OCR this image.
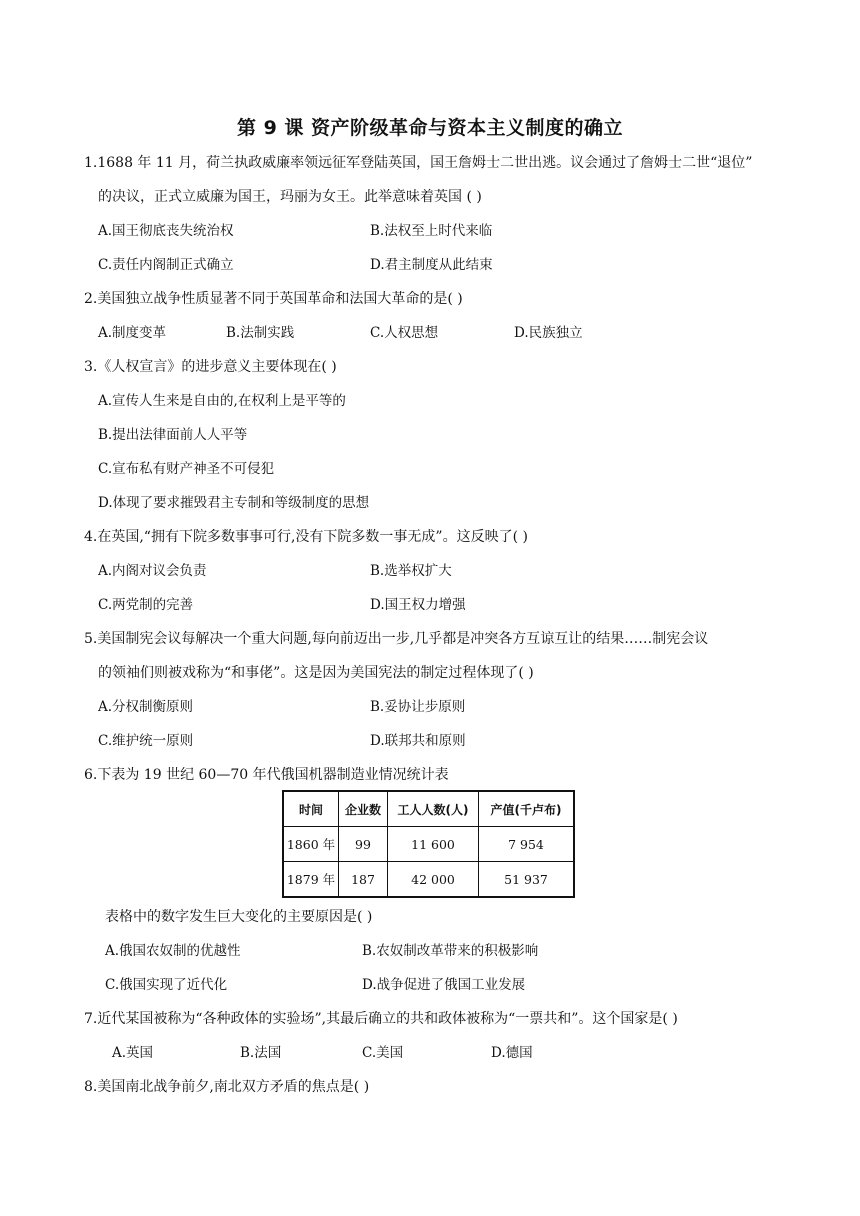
第 9 课 资产阶级革命与资本主义制度的确立
1.1688 年 11 月，荷兰执政威廉率领远征军登陆英国，国王詹姆士二世出逃。议会通过了詹姆士二世“退位”
的决议，正式立威廉为国王，玛丽为女王。此举意味着英国 ( )
A.国王彻底丧失统治权	B.法权至上时代来临
C.责任内阁制正式确立	D.君主制度从此结束
2.美国独立战争性质显著不同于英国革命和法国大革命的是( )
A.制度变革	B.法制实践	C.人权思想	D.民族独立
3.《人权宣言》的进步意义主要体现在( )
A.宣传人生来是自由的,在权利上是平等的
B.提出法律面前人人平等
C.宣布私有财产神圣不可侵犯
D.体现了要求摧毁君主专制和等级制度的思想
4.在英国,“拥有下院多数事事可行,没有下院多数一事无成”。这反映了( )
A.内阁对议会负责	B.选举权扩大
C.两党制的完善	D.国王权力增强
5.美国制宪会议每解决一个重大问题,每向前迈出一步,几乎都是冲突各方互谅互让的结果……制宪会议
的领袖们则被戏称为“和事佬”。这是因为美国宪法的制定过程体现了( )
A.分权制衡原则	B.妥协让步原则
C.维护统一原则	D.联邦共和原则
6.下表为 19 世纪 60—70 年代俄国机器制造业情况统计表
时间	企业数	工人人数(人)	产值(千卢布)
1860 年	99	11 600	7 954
1879 年	187	42 000	51 937
表格中的数字发生巨大变化的主要原因是( )
A.俄国农奴制的优越性	B.农奴制改革带来的积极影响
C.俄国实现了近代化	D.战争促进了俄国工业发展
7.近代某国被称为“各种政体的实验场”,其最后确立的共和政体被称为“一票共和”。这个国家是( )
A.英国	B.法国	C.美国	D.德国
8.美国南北战争前夕,南北双方矛盾的焦点是( )
